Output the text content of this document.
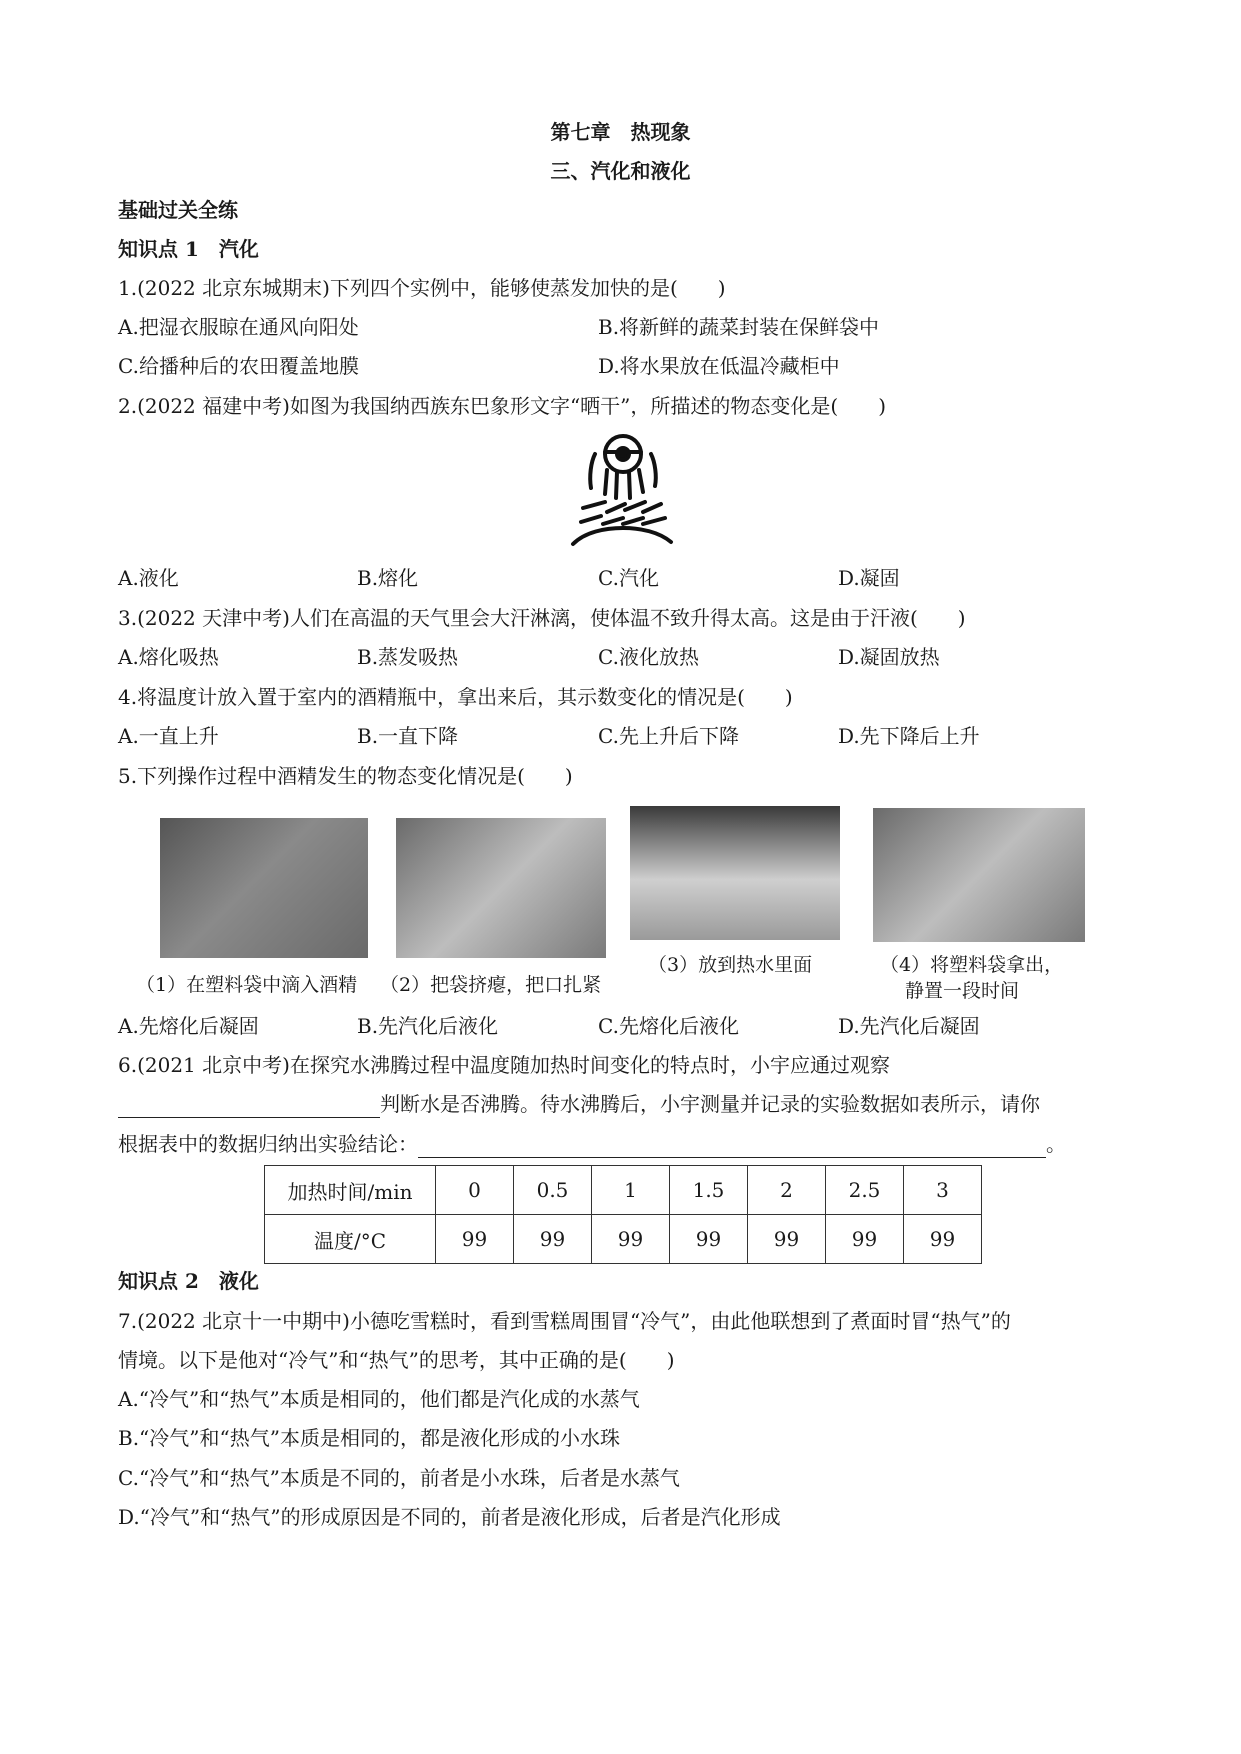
第七章　热现象
三、汽化和液化
基础过关全练
知识点 1　汽化
1.(2022 北京东城期末)下列四个实例中，能够使蒸发加快的是(　　)
A.把湿衣服晾在通风向阳处	B.将新鲜的蔬菜封装在保鲜袋中
C.给播种后的农田覆盖地膜	D.将水果放在低温冷藏柜中
2.(2022 福建中考)如图为我国纳西族东巴象形文字“晒干”，所描述的物态变化是(　　)
A.液化	B.熔化	C.汽化	D.凝固
3.(2022 天津中考)人们在高温的天气里会大汗淋漓，使体温不致升得太高。这是由于汗液(　　)
A.熔化吸热	B.蒸发吸热	C.液化放热	D.凝固放热
4.将温度计放入置于室内的酒精瓶中，拿出来后，其示数变化的情况是(　　)
A.一直上升	B.一直下降	C.先上升后下降	D.先下降后上升
5.下列操作过程中酒精发生的物态变化情况是(　　)
（1）在塑料袋中滴入酒精 （2）把袋挤瘪，把口扎紧
（3）放到热水里面	（4）将塑料袋拿出，
静置一段时间
A.先熔化后凝固	B.先汽化后液化	C.先熔化后液化	D.先汽化后凝固
6.(2021 北京中考)在探究水沸腾过程中温度随加热时间变化的特点时，小宇应通过观察
判断水是否沸腾。待水沸腾后，小宇测量并记录的实验数据如表所示，请你
根据表中的数据归纳出实验结论：	。
加热时间/min	0	0.5	1	1.5	2	2.5	3
温度/°C	99	99	99	99	99	99	99
知识点 2　液化
7.(2022 北京十一中期中)小德吃雪糕时，看到雪糕周围冒“冷气”，由此他联想到了煮面时冒“热气”的
情境。以下是他对“冷气”和“热气”的思考，其中正确的是(　　)
A.“冷气”和“热气”本质是相同的，他们都是汽化成的水蒸气
B.“冷气”和“热气”本质是相同的，都是液化形成的小水珠
C.“冷气”和“热气”本质是不同的，前者是小水珠，后者是水蒸气
D.“冷气”和“热气”的形成原因是不同的，前者是液化形成，后者是汽化形成
